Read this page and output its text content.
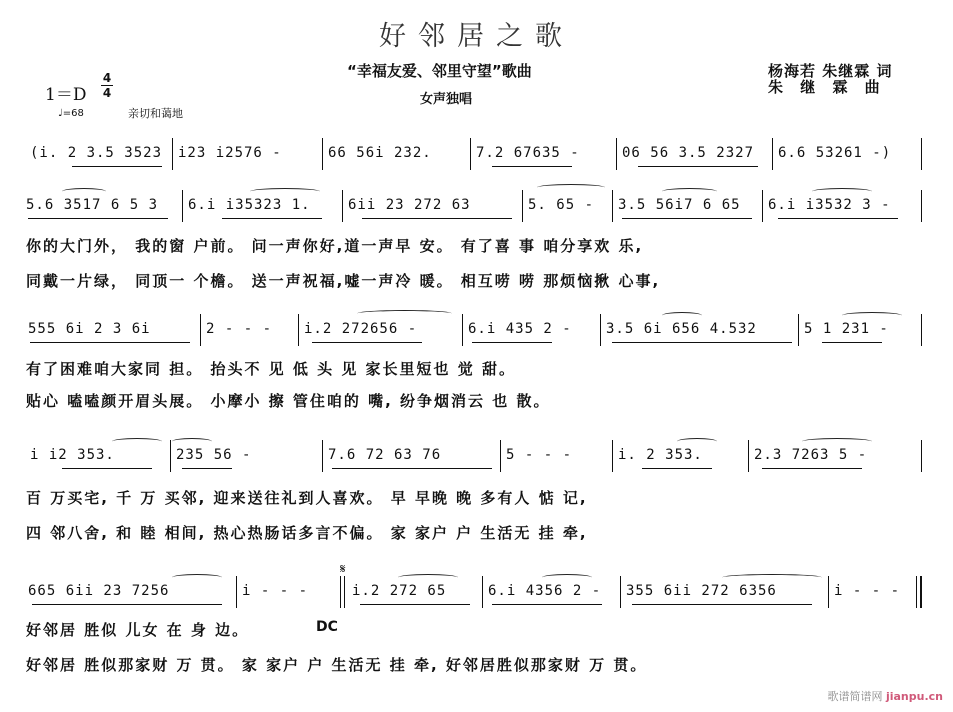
好邻居之歌
“幸福友爱、邻里守望”歌曲
女声独唱
杨海若 朱继霖 词
朱 继 霖 曲
1＝D
4
4
♩=68	亲切和蔼地
(i. 2 3.5 3523 i23 i2576 -	66 56i 232.	7.2 67635 -	06 56 3.5 2327 6.6 53261 -)
5.6 3517 6 5 3 6.i i35323 1.	6ii 23 272 63	5. 65 - 3.5 56i7 6 65 6.i i3532 3 -
你的大门外， 我的窗 户前。 问一声你好,道一声早 安。 有了喜 事 咱分享欢 乐,
同戴一片绿， 同顶一 个檐。 送一声祝福,嘘一声冷 暖。 相互唠 唠 那烦恼揪 心事,
555 6i 2 3 6i	2 - - - i.2 272656 -	6.i 435 2 - 3.5 6i 656 4.532	5 1 231 -
有了困难咱大家同 担。 抬头不 见 低 头 见 家长里短也 觉 甜。
贴心 嗑嗑颜开眉头展。 小摩小 擦 管住咱的 嘴, 纷争烟消云 也 散。
i i2 353.	235 56 -	7.6 72 63 76	5 - - -	i. 2 353.	2.3 7263 5 -
百 万买宅, 千 万 买邻, 迎来送往礼到人喜欢。 早 早晚 晚 多有人 惦 记,
四 邻八舍, 和 睦 相间, 热心热肠话多言不偏。 家 家户 户 生活无 挂 牵,
665 6ii 23 7256	i - - -
𝄋
i.2 272 65	6.i 4356 2 - 355 6ii 272 6356	i - - -
好邻居 胜似 儿女 在 身 边。	DC
好邻居 胜似那家财 万 贯。 家 家户 户 生活无 挂 牵, 好邻居胜似那家财 万 贯。
歌谱简谱网 jianpu.cn
